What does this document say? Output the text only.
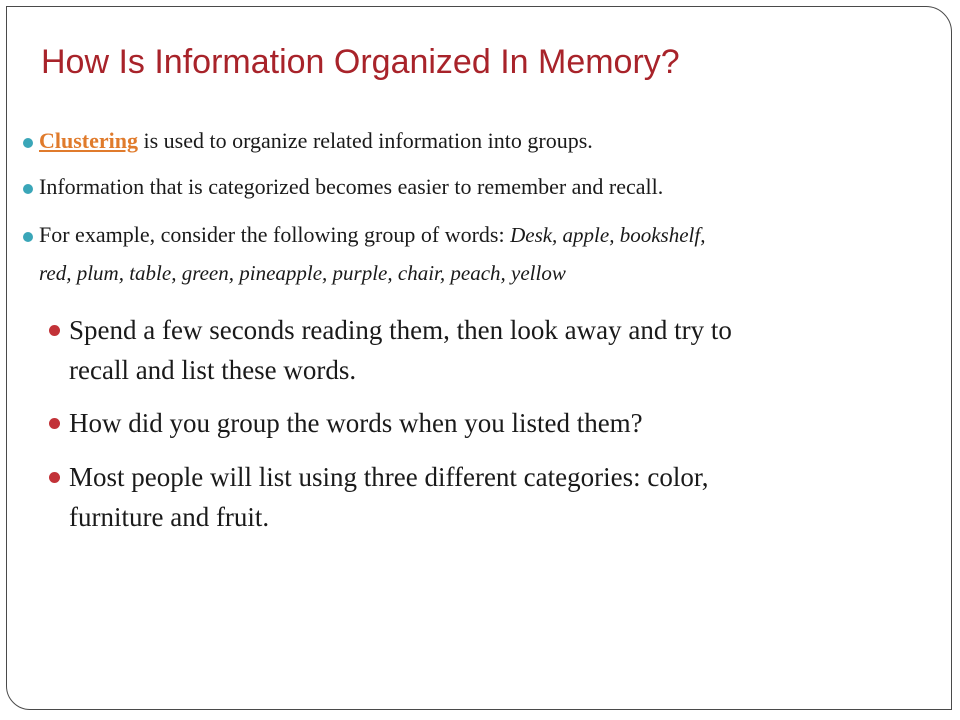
How Is Information Organized In Memory?
Clustering is used to organize related information into groups.
Information that is categorized becomes easier to remember and recall.
For example, consider the following group of words: Desk, apple, bookshelf,
red, plum, table, green, pineapple, purple, chair, peach, yellow
Spend a few seconds reading them, then look away and try to
recall and list these words.
How did you group the words when you listed them?
Most people will list using three different categories: color,
furniture and fruit.
